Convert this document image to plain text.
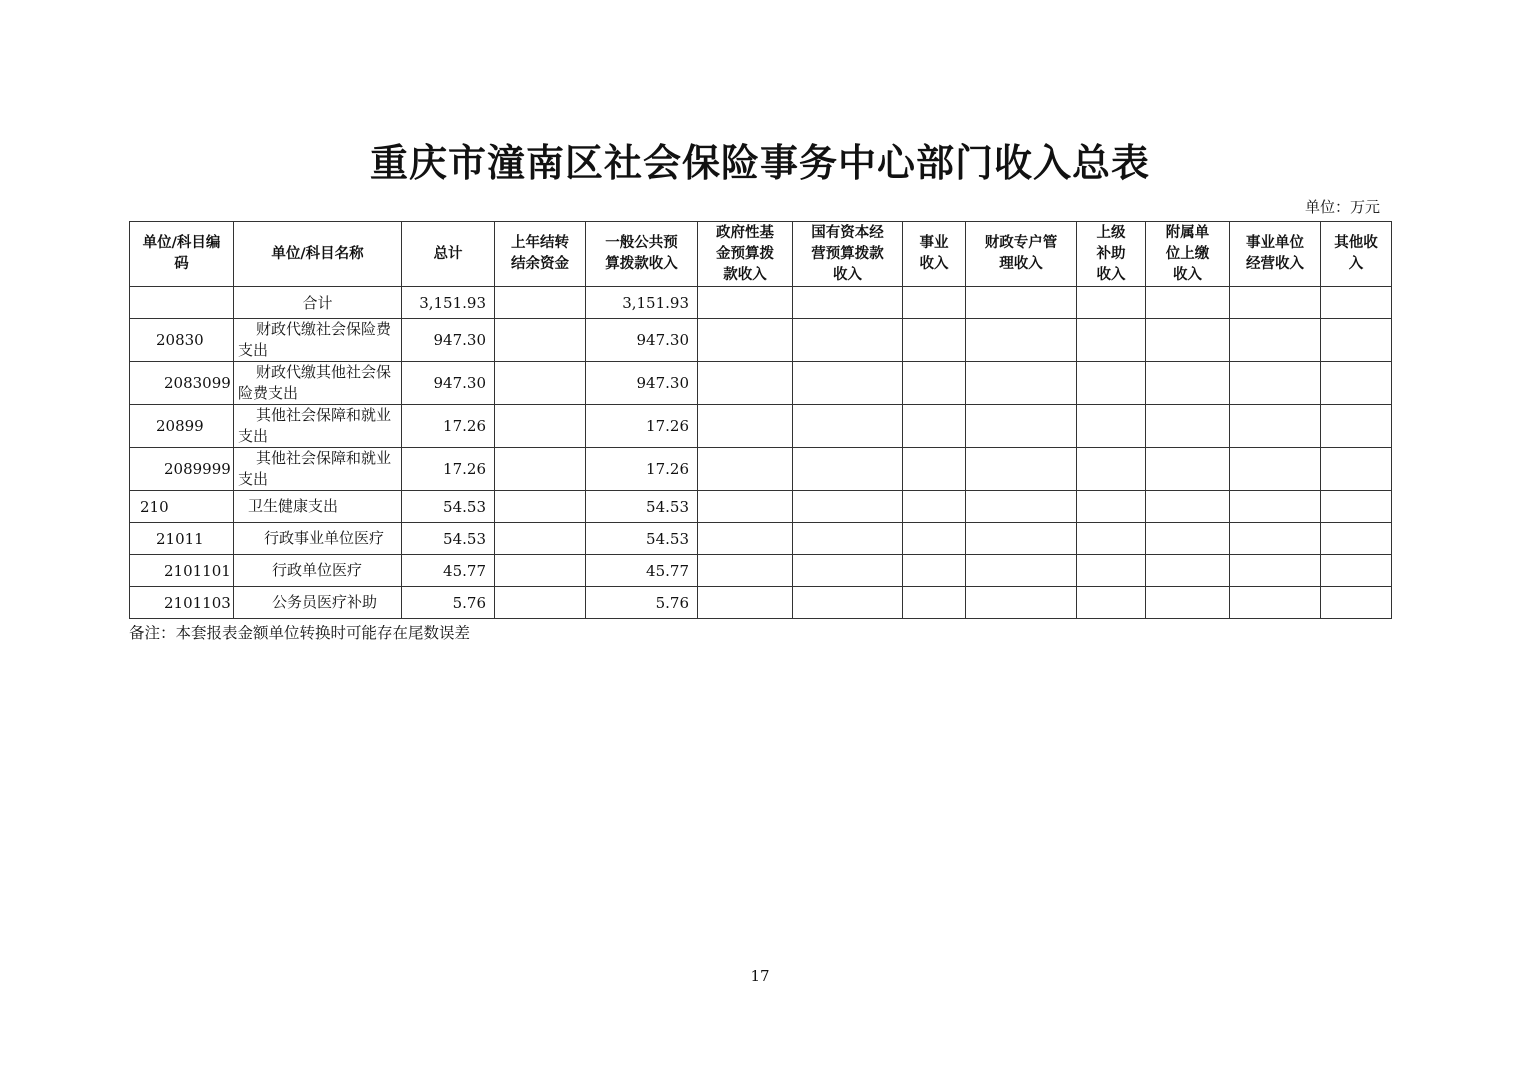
重庆市潼南区社会保险事务中心部门收入总表
单位：万元
单位/科目编码	单位/科目名称	总计	上年结转结余资金	一般公共预算拨款收入	政府性基金预算拨款收入	国有资本经营预算拨款收入	事业收入	财政专户管理收入	上级补助收入	附属单位上缴收入	事业单位经营收入	其他收入
	合计	3,151.93		3,151.93								
20830	财政代缴社会保险费支出	947.30		947.30								
2083099	财政代缴其他社会保险费支出	947.30		947.30								
20899	其他社会保障和就业支出	17.26		17.26								
2089999	其他社会保障和就业支出	17.26		17.26								
210	卫生健康支出	54.53		54.53								
21011	行政事业单位医疗	54.53		54.53								
2101101	行政单位医疗	45.77		45.77								
2101103	公务员医疗补助	5.76		5.76								
备注：本套报表金额单位转换时可能存在尾数误差
17
